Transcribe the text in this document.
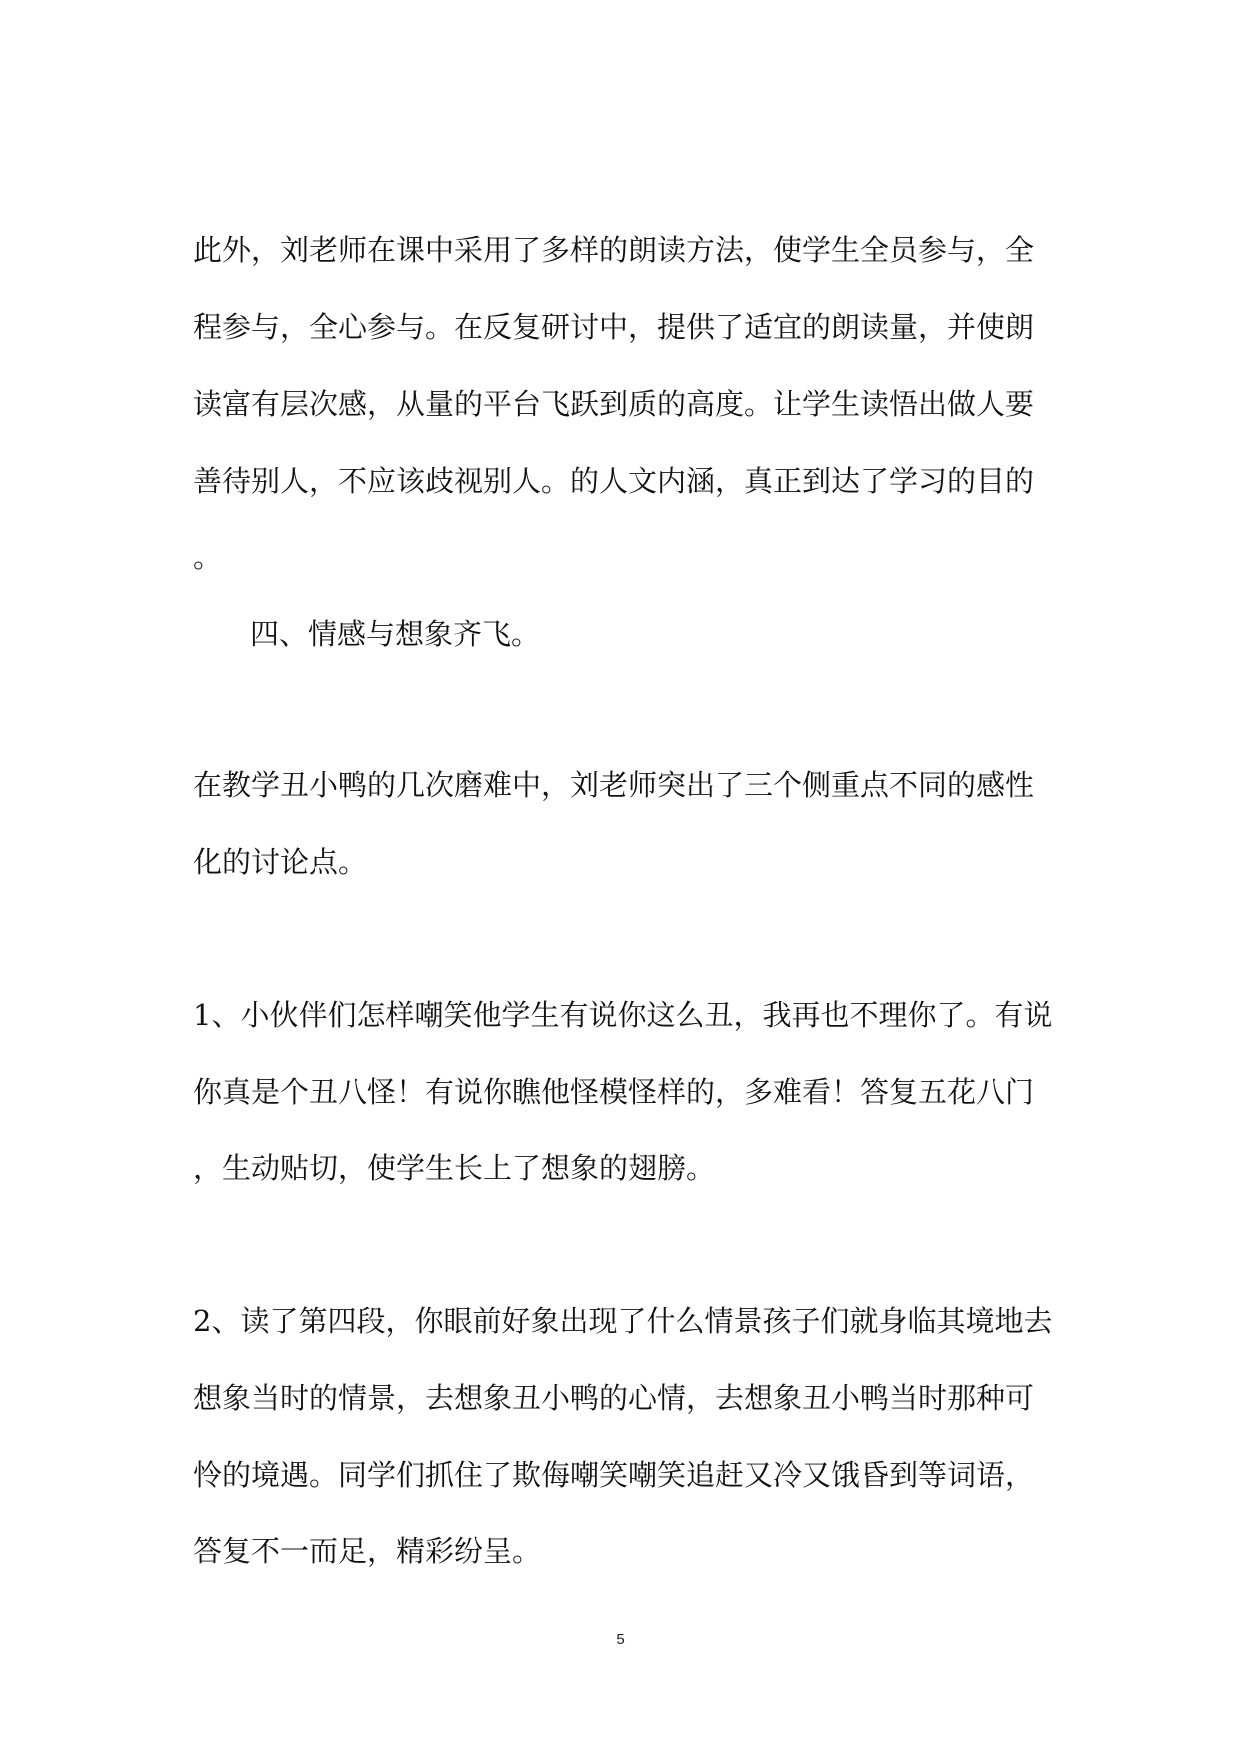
此外，刘老师在课中采用了多样的朗读方法，使学生全员参与，全
程参与，全心参与。在反复研讨中，提供了适宜的朗读量，并使朗
读富有层次感，从量的平台飞跃到质的高度。让学生读悟出做人要
善待别人，不应该歧视别人。的人文内涵，真正到达了学习的目的
。
四、情感与想象齐飞。
在教学丑小鸭的几次磨难中，刘老师突出了三个侧重点不同的感性
化的讨论点。
1、小伙伴们怎样嘲笑他学生有说你这么丑，我再也不理你了。有说
你真是个丑八怪！有说你瞧他怪模怪样的，多难看！答复五花八门
，生动贴切，使学生长上了想象的翅膀。
2、读了第四段，你眼前好象出现了什么情景孩子们就身临其境地去
想象当时的情景，去想象丑小鸭的心情，去想象丑小鸭当时那种可
怜的境遇。同学们抓住了欺侮嘲笑嘲笑追赶又冷又饿昏到等词语，
答复不一而足，精彩纷呈。
5
